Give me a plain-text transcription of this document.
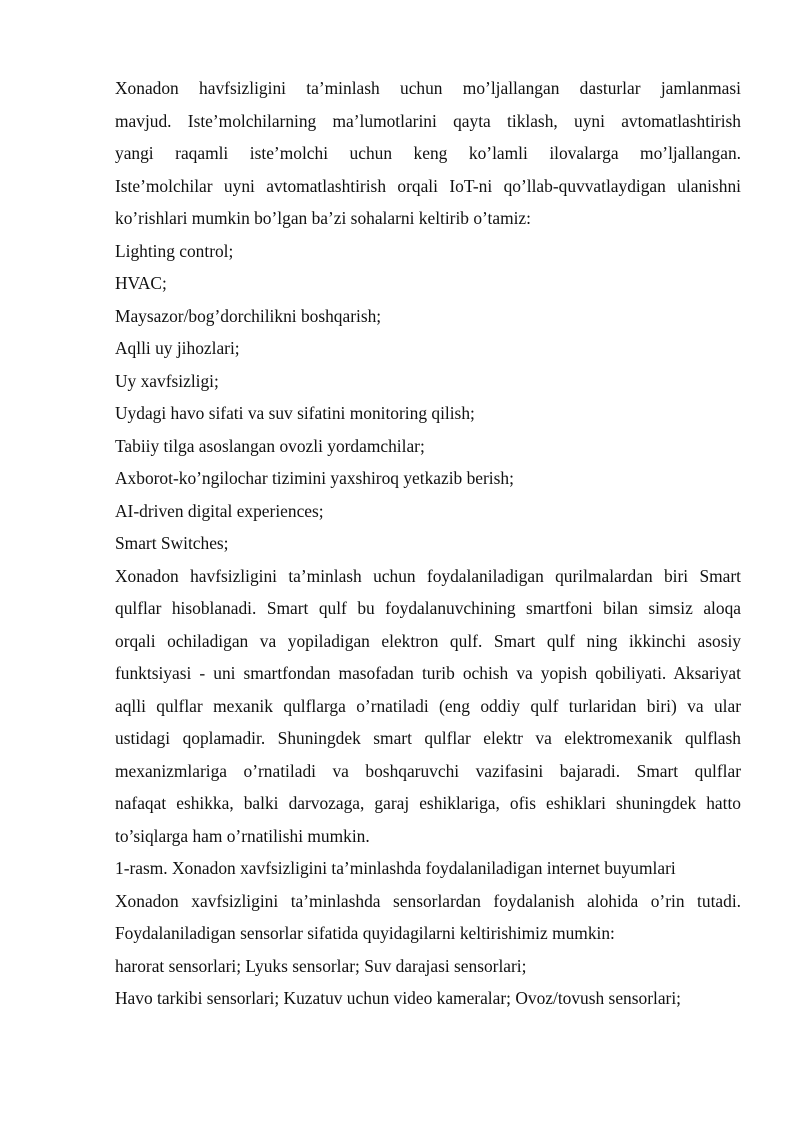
Xonadon havfsizligini ta’minlash uchun mo’ljallangan dasturlar jamlanmasi
mavjud. Iste’molchilarning ma’lumotlarini qayta tiklash, uyni avtomatlashtirish
yangi raqamli iste’molchi uchun keng ko’lamli ilovalarga mo’ljallangan.
Iste’molchilar uyni avtomatlashtirish orqali IoT-ni qo’llab-quvvatlaydigan ulanishni
ko’rishlari mumkin bo’lgan ba’zi sohalarni keltirib o’tamiz:
Lighting control;
HVAC;
Maysazor/bog’dorchilikni boshqarish;
Aqlli uy jihozlari;
Uy xavfsizligi;
Uydagi havo sifati va suv sifatini monitoring qilish;
Tabiiy tilga asoslangan ovozli yordamchilar;
Axborot-ko’ngilochar tizimini yaxshiroq yetkazib berish;
AI-driven digital experiences;
Smart Switches;
Xonadon havfsizligini ta’minlash uchun foydalaniladigan qurilmalardan biri Smart
qulflar hisoblanadi. Smart qulf bu foydalanuvchining smartfoni bilan simsiz aloqa
orqali ochiladigan va yopiladigan elektron qulf. Smart qulf ning ikkinchi asosiy
funktsiyasi - uni smartfondan masofadan turib ochish va yopish qobiliyati. Aksariyat
aqlli qulflar mexanik qulflarga o’rnatiladi (eng oddiy qulf turlaridan biri) va ular
ustidagi qoplamadir. Shuningdek smart qulflar elektr va elektromexanik qulflash
mexanizmlariga o’rnatiladi va boshqaruvchi vazifasini bajaradi. Smart qulflar
nafaqat eshikka, balki darvozaga, garaj eshiklariga, ofis eshiklari shuningdek hatto
to’siqlarga ham o’rnatilishi mumkin.
1-rasm. Xonadon xavfsizligini ta’minlashda foydalaniladigan internet buyumlari
Xonadon xavfsizligini ta’minlashda sensorlardan foydalanish alohida o’rin tutadi.
Foydalaniladigan sensorlar sifatida quyidagilarni keltirishimiz mumkin:
harorat sensorlari; Lyuks sensorlar; Suv darajasi sensorlari;
Havo tarkibi sensorlari; Kuzatuv uchun video kameralar; Ovoz/tovush sensorlari;
